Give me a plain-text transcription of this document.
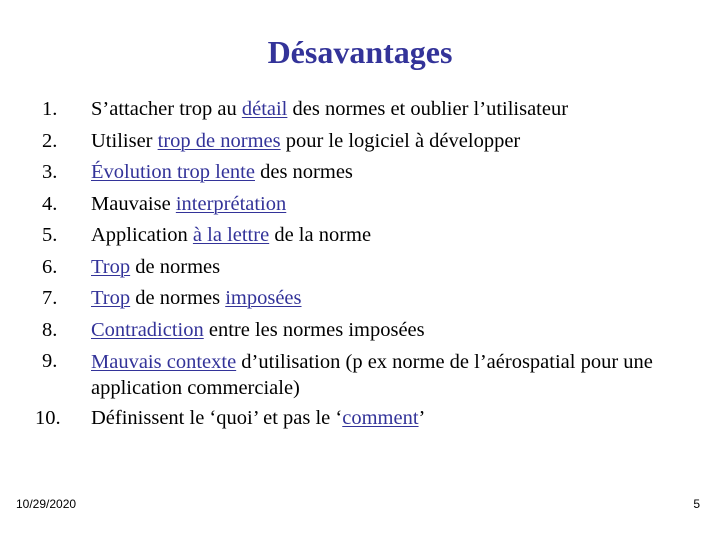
Désavantages
1.	S’attacher trop au détail des normes et oublier l’utilisateur
2.	Utiliser trop de normes pour le logiciel à développer
3.	Évolution trop lente des normes
4.	Mauvaise interprétation
5.	Application à la lettre de la norme
6.	Trop de normes
7.	Trop de normes imposées
8.	Contradiction entre les normes imposées
9.	Mauvais contexte d’utilisation (p ex norme de l’aérospatial pour une application commerciale)
10.	Définissent le ‘quoi’ et pas le ‘comment’
10/29/2020	5
